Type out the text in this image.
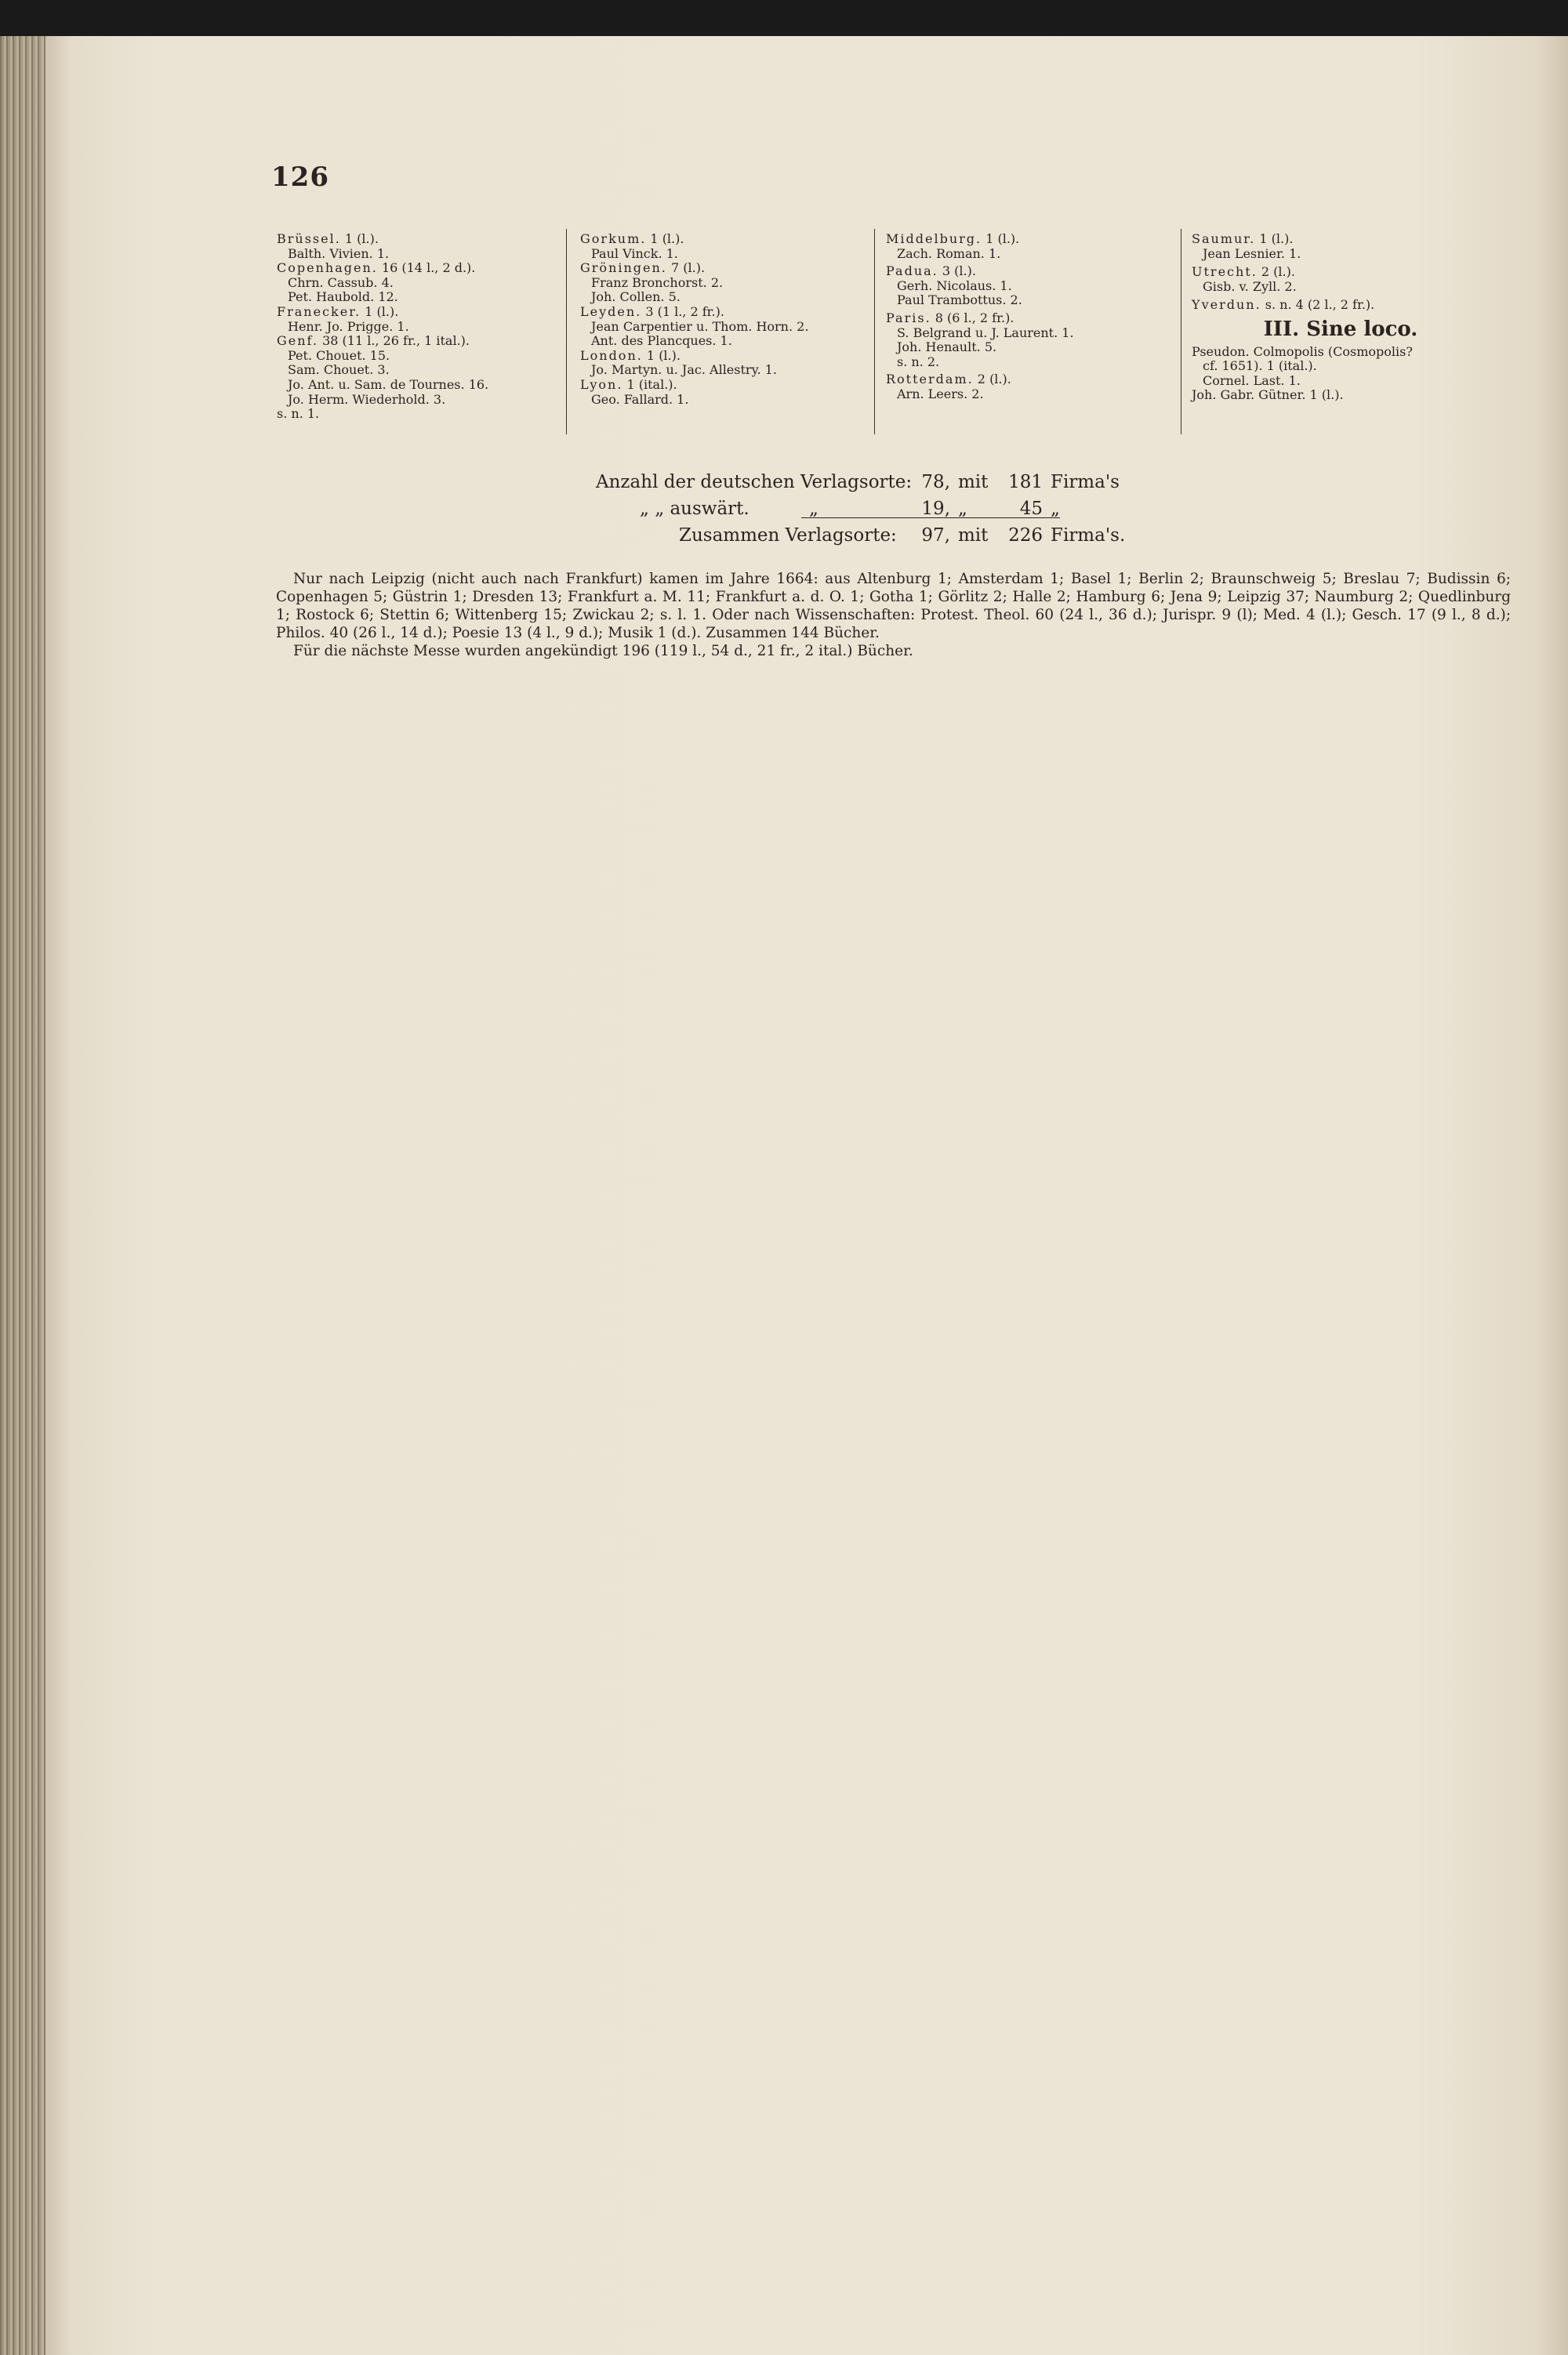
126
Brüssel. 1 (l.).
Balth. Vivien. 1.
Copenhagen. 16 (14 l., 2 d.).
Chrn. Cassub. 4.
Pet. Haubold. 12.
Franecker. 1 (l.).
Henr. Jo. Prigge. 1.
Genf. 38 (11 l., 26 fr., 1 ital.).
Pet. Chouet. 15.
Sam. Chouet. 3.
Jo. Ant. u. Sam. de Tournes. 16.
Jo. Herm. Wiederhold. 3.
s. n. 1.
Gorkum. 1 (l.).
Paul Vinck. 1.
Gröningen. 7 (l.).
Franz Bronchorst. 2.
Joh. Collen. 5.
Leyden. 3 (1 l., 2 fr.).
Jean Carpentier u. Thom. Horn. 2.
Ant. des Plancques. 1.
London. 1 (l.).
Jo. Martyn. u. Jac. Allestry. 1.
Lyon. 1 (ital.).
Geo. Fallard. 1.
Middelburg. 1 (l.).
Zach. Roman. 1.
Padua. 3 (l.).
Gerh. Nicolaus. 1.
Paul Trambottus. 2.
Paris. 8 (6 l., 2 fr.).
S. Belgrand u. J. Laurent. 1.
Joh. Henault. 5.
s. n. 2.
Rotterdam. 2 (l.).
Arn. Leers. 2.
Saumur. 1 (l.).
Jean Lesnier. 1.
Utrecht. 2 (l.).
Gisb. v. Zyll. 2.
Yverdun. s. n. 4 (2 l., 2 fr.).
III. Sine loco.
Pseudon. Colmopolis (Cosmopolis?
cf. 1651). 1 (ital.).
Cornel. Last. 1.
Joh. Gabr. Gütner. 1 (l.).
Anzahl der deutschen Verlagsorte: 78, mit	181 Firma's
„ „ auswärt.	„	19, „	45 „
Zusammen Verlagsorte:	97, mit	226 Firma's.

Nur nach Leipzig (nicht auch nach Frankfurt) kamen im Jahre 1664: aus Altenburg 1; Amsterdam 1; Basel 1; Berlin 2; Braunschweig 5; Breslau 7; Budissin 6; Copenhagen 5; Güstrin 1; Dresden 13; Frankfurt a. M. 11; Frankfurt a. d. O. 1; Gotha 1; Görlitz 2; Halle 2; Hamburg 6; Jena 9; Leipzig 37; Naumburg 2; Quedlinburg 1; Rostock 6; Stettin 6; Wittenberg 15; Zwickau 2; s. l. 1. Oder nach Wissenschaften: Protest. Theol. 60 (24 l., 36 d.); Jurispr. 9 (l); Med. 4 (l.); Gesch. 17 (9 l., 8 d.); Philos. 40 (26 l., 14 d.); Poesie 13 (4 l., 9 d.); Musik 1 (d.). Zusammen 144 Bücher.

Für die nächste Messe wurden angekündigt 196 (119 l., 54 d., 21 fr., 2 ital.) Bücher.
